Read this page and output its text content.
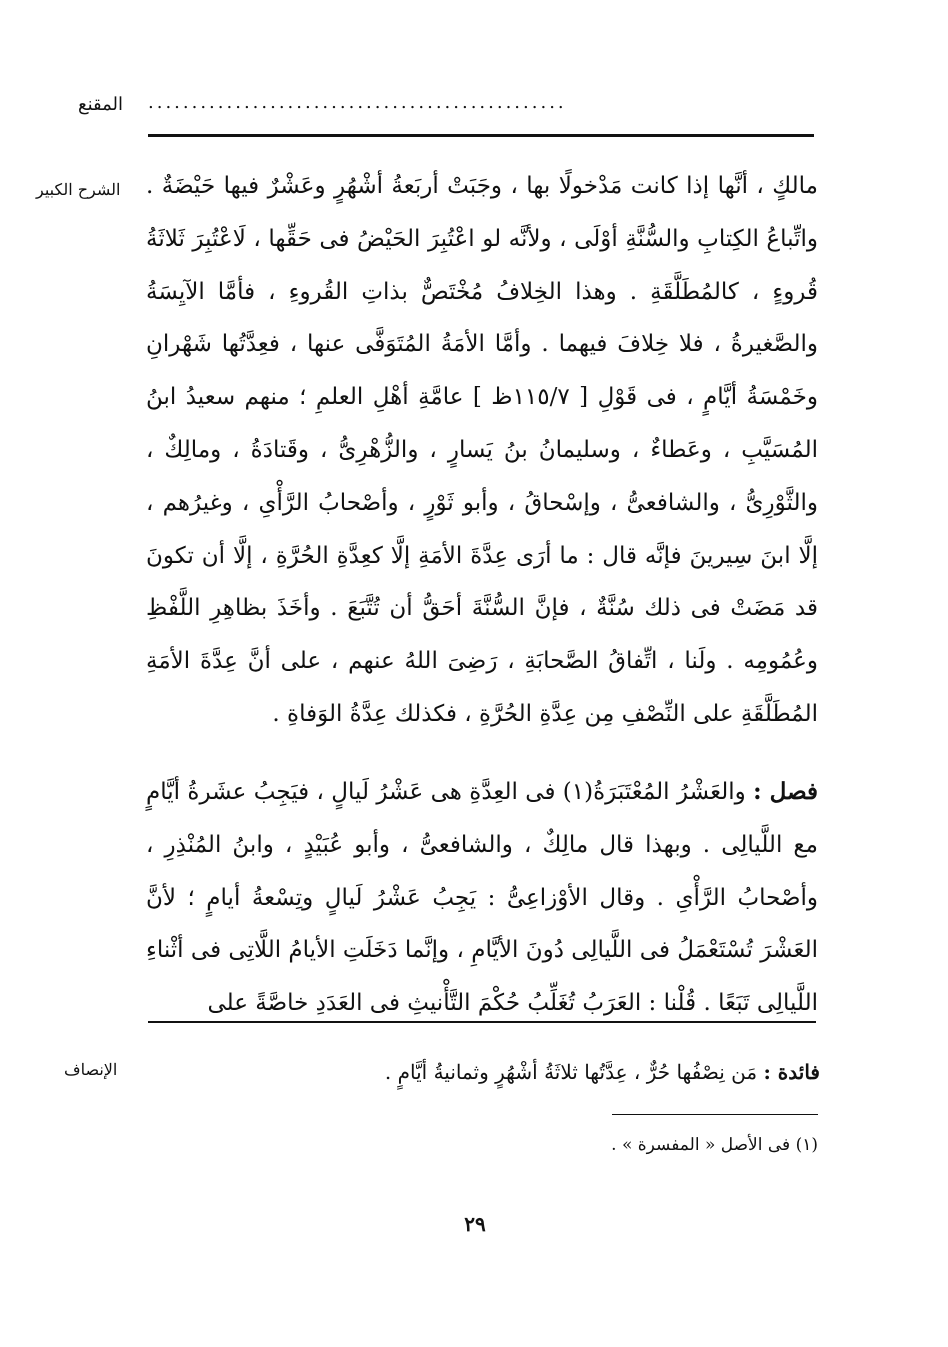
المقنع ................................................
الشرح الكبير مالكٍ ، أنَّها إذا كانت مَدْخولًا بها ، وجَبَتْ أربَعةُ أشْهُرٍ وعَشْرٌ فيها حَيْضَةٌ . واتِّباعُ الكِتابِ والسُّنَّةِ أوْلَى ، ولأنَّه لو اعْتُبِرَ الحَيْضُ فى حَقِّها ، لَاعْتُبِرَ ثَلاثَةُ قُروءٍ ، كالمُطَلَّقَةِ . وهذا الخِلافُ مُخْتَصٌّ بذاتِ القُروءِ ، فأمَّا الآيِسَةُ والصَّغيرةُ ، فلا خِلافَ فيهما . وأمَّا الأمَةُ المُتَوَفَّى عنها ، فعِدَّتُها شَهْرانِ وخَمْسَةُ أيَّامٍ ، فى قَوْلِ [ ١١٥/٧ظ ] عامَّةِ أهْلِ العلمِ ؛ منهم سعيدُ ابنُ المُسَيَّبِ ، وعَطاءٌ ، وسليمانُ بنُ يَسارٍ ، والزُّهْرِىُّ ، وقَتادَةُ ، ومالِكٌ ، والثَّوْرِىُّ ، والشافعىُّ ، وإسْحاقُ ، وأبو ثَوْرٍ ، وأصْحابُ الرَّأْىِ ، وغيرُهم ، إلَّا ابنَ سِيرينَ فإنَّه قال : ما أرَى عِدَّةَ الأمَةِ إلَّا كعِدَّةِ الحُرَّةِ ، إلَّا أن تكونَ قد مَضَتْ فى ذلك سُنَّةٌ ، فإنَّ السُّنَّةَ أحَقُّ أن تُتَّبَعَ . وأخَذَ بظاهِرِ اللَّفْظِ وعُمُومِه . ولَنا ، اتِّفاقُ الصَّحابَةِ ، رَضِىَ اللهُ عنهم ، على أنَّ عِدَّةَ الأمَةِ المُطَلَّقَةِ على النِّصْفِ مِن عِدَّةِ الحُرَّةِ ، فكذلك عِدَّةُ الوَفاةِ .

فصل : والعَشْرُ المُعْتَبَرَةُ(١) فى العِدَّةِ هى عَشْرُ لَيالٍ ، فيَجِبُ عشَرةُ أيَّامٍ مع اللَّيالِى . وبهذا قال مالِكٌ ، والشافعىُّ ، وأبو عُبَيْدٍ ، وابنُ المُنْذِرِ ، وأصْحابُ الرَّأْىِ . وقال الأوْزاعِىُّ : يَجِبُ عَشْرُ لَيالٍ وتِسْعةُ أيامٍ ؛ لأنَّ العَشْرَ تُسْتَعْمَلُ فى اللَّيالِى دُونَ الأيَّامِ ، وإنَّما دَخَلَتِ الأيامُ اللَّاتِى فى أثْناءِ اللَّيالِى تَبَعًا . قُلْنا : العَرَبُ تُغَلِّبُ حُكْمَ التَّأْنيثِ فى العَدَدِ خاصَّةً على

الإنصاف	فائدة : مَن نِصْفُها حُرٌّ ، عِدَّتُها ثلاثَةُ أشْهُرٍ وثمانيةُ أيَّامٍ .
(١) فى الأصل « المفسرة » .
٢٩
